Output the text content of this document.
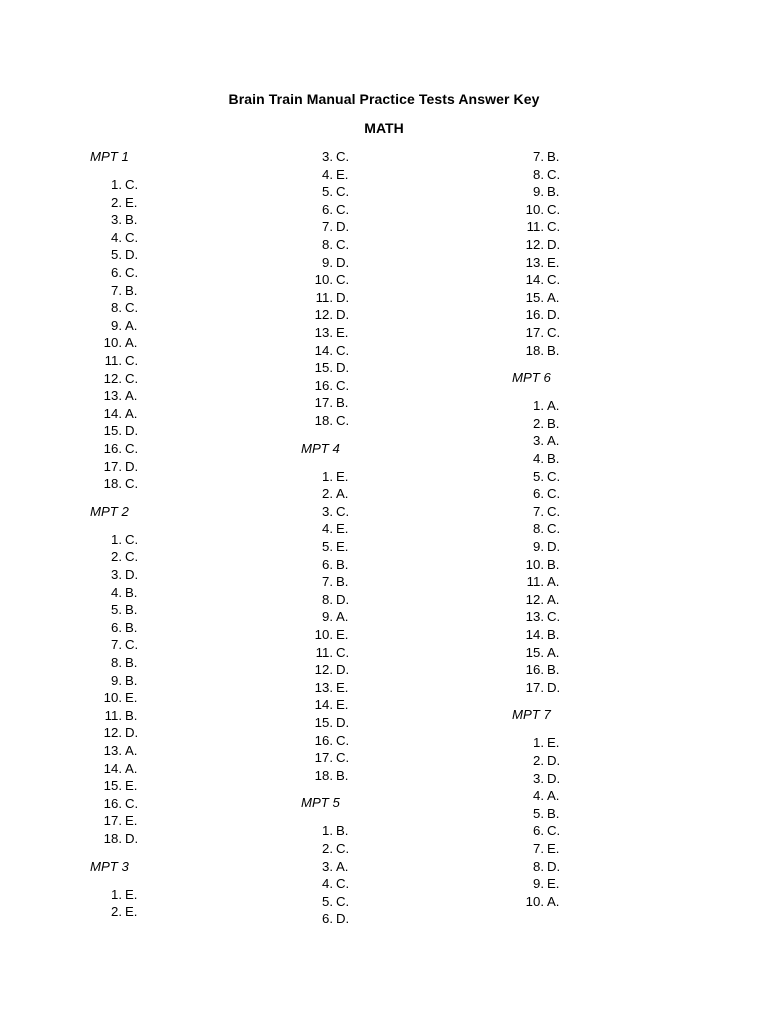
Brain Train Manual Practice Tests Answer Key
MATH
MPT 1
1.C.
2. E.
3. B.
4. C.
5. D.
6. C.
7. B.
8. C.
9. A.
10. A.
11. C.
12. C.
13. A.
14. A.
15. D.
16. C.
17. D.
18. C.
MPT 2
1. C.
2. C.
3. D.
4. B.
5. B.
6. B.
7. C.
8. B.
9. B.
10. E.
11. B.
12. D.
13. A.
14. A.
15. E.
16. C.
17. E.
18. D.
MPT 3
1. E.
2. E.
3. C.
4. E.
5. C.
6. C.
7. D.
8. C.
9. D.
10. C.
11. D.
12. D.
13. E.
14. C.
15. D.
16. C.
17. B.
18. C.
MPT 4
1. E.
2. A.
3. C.
4. E.
5. E.
6. B.
7. B.
8. D.
9. A.
10. E.
11. C.
12. D.
13. E.
14. E.
15. D.
16. C.
17. C.
18. B.
MPT 5
1. B.
2. C.
3. A.
4. C.
5. C.
6. D.
7. B.
8. C.
9. B.
10. C.
11. C.
12. D.
13. E.
14. C.
15. A.
16. D.
17. C.
18. B.
MPT 6
1. A.
2. B.
3. A.
4. B.
5. C.
6. C.
7. C.
8. C.
9. D.
10. B.
11. A.
12. A.
13. C.
14. B.
15. A.
16. B.
17. D.
MPT 7
1. E.
2. D.
3. D.
4. A.
5. B.
6. C.
7. E.
8. D.
9. E.
10. A.
